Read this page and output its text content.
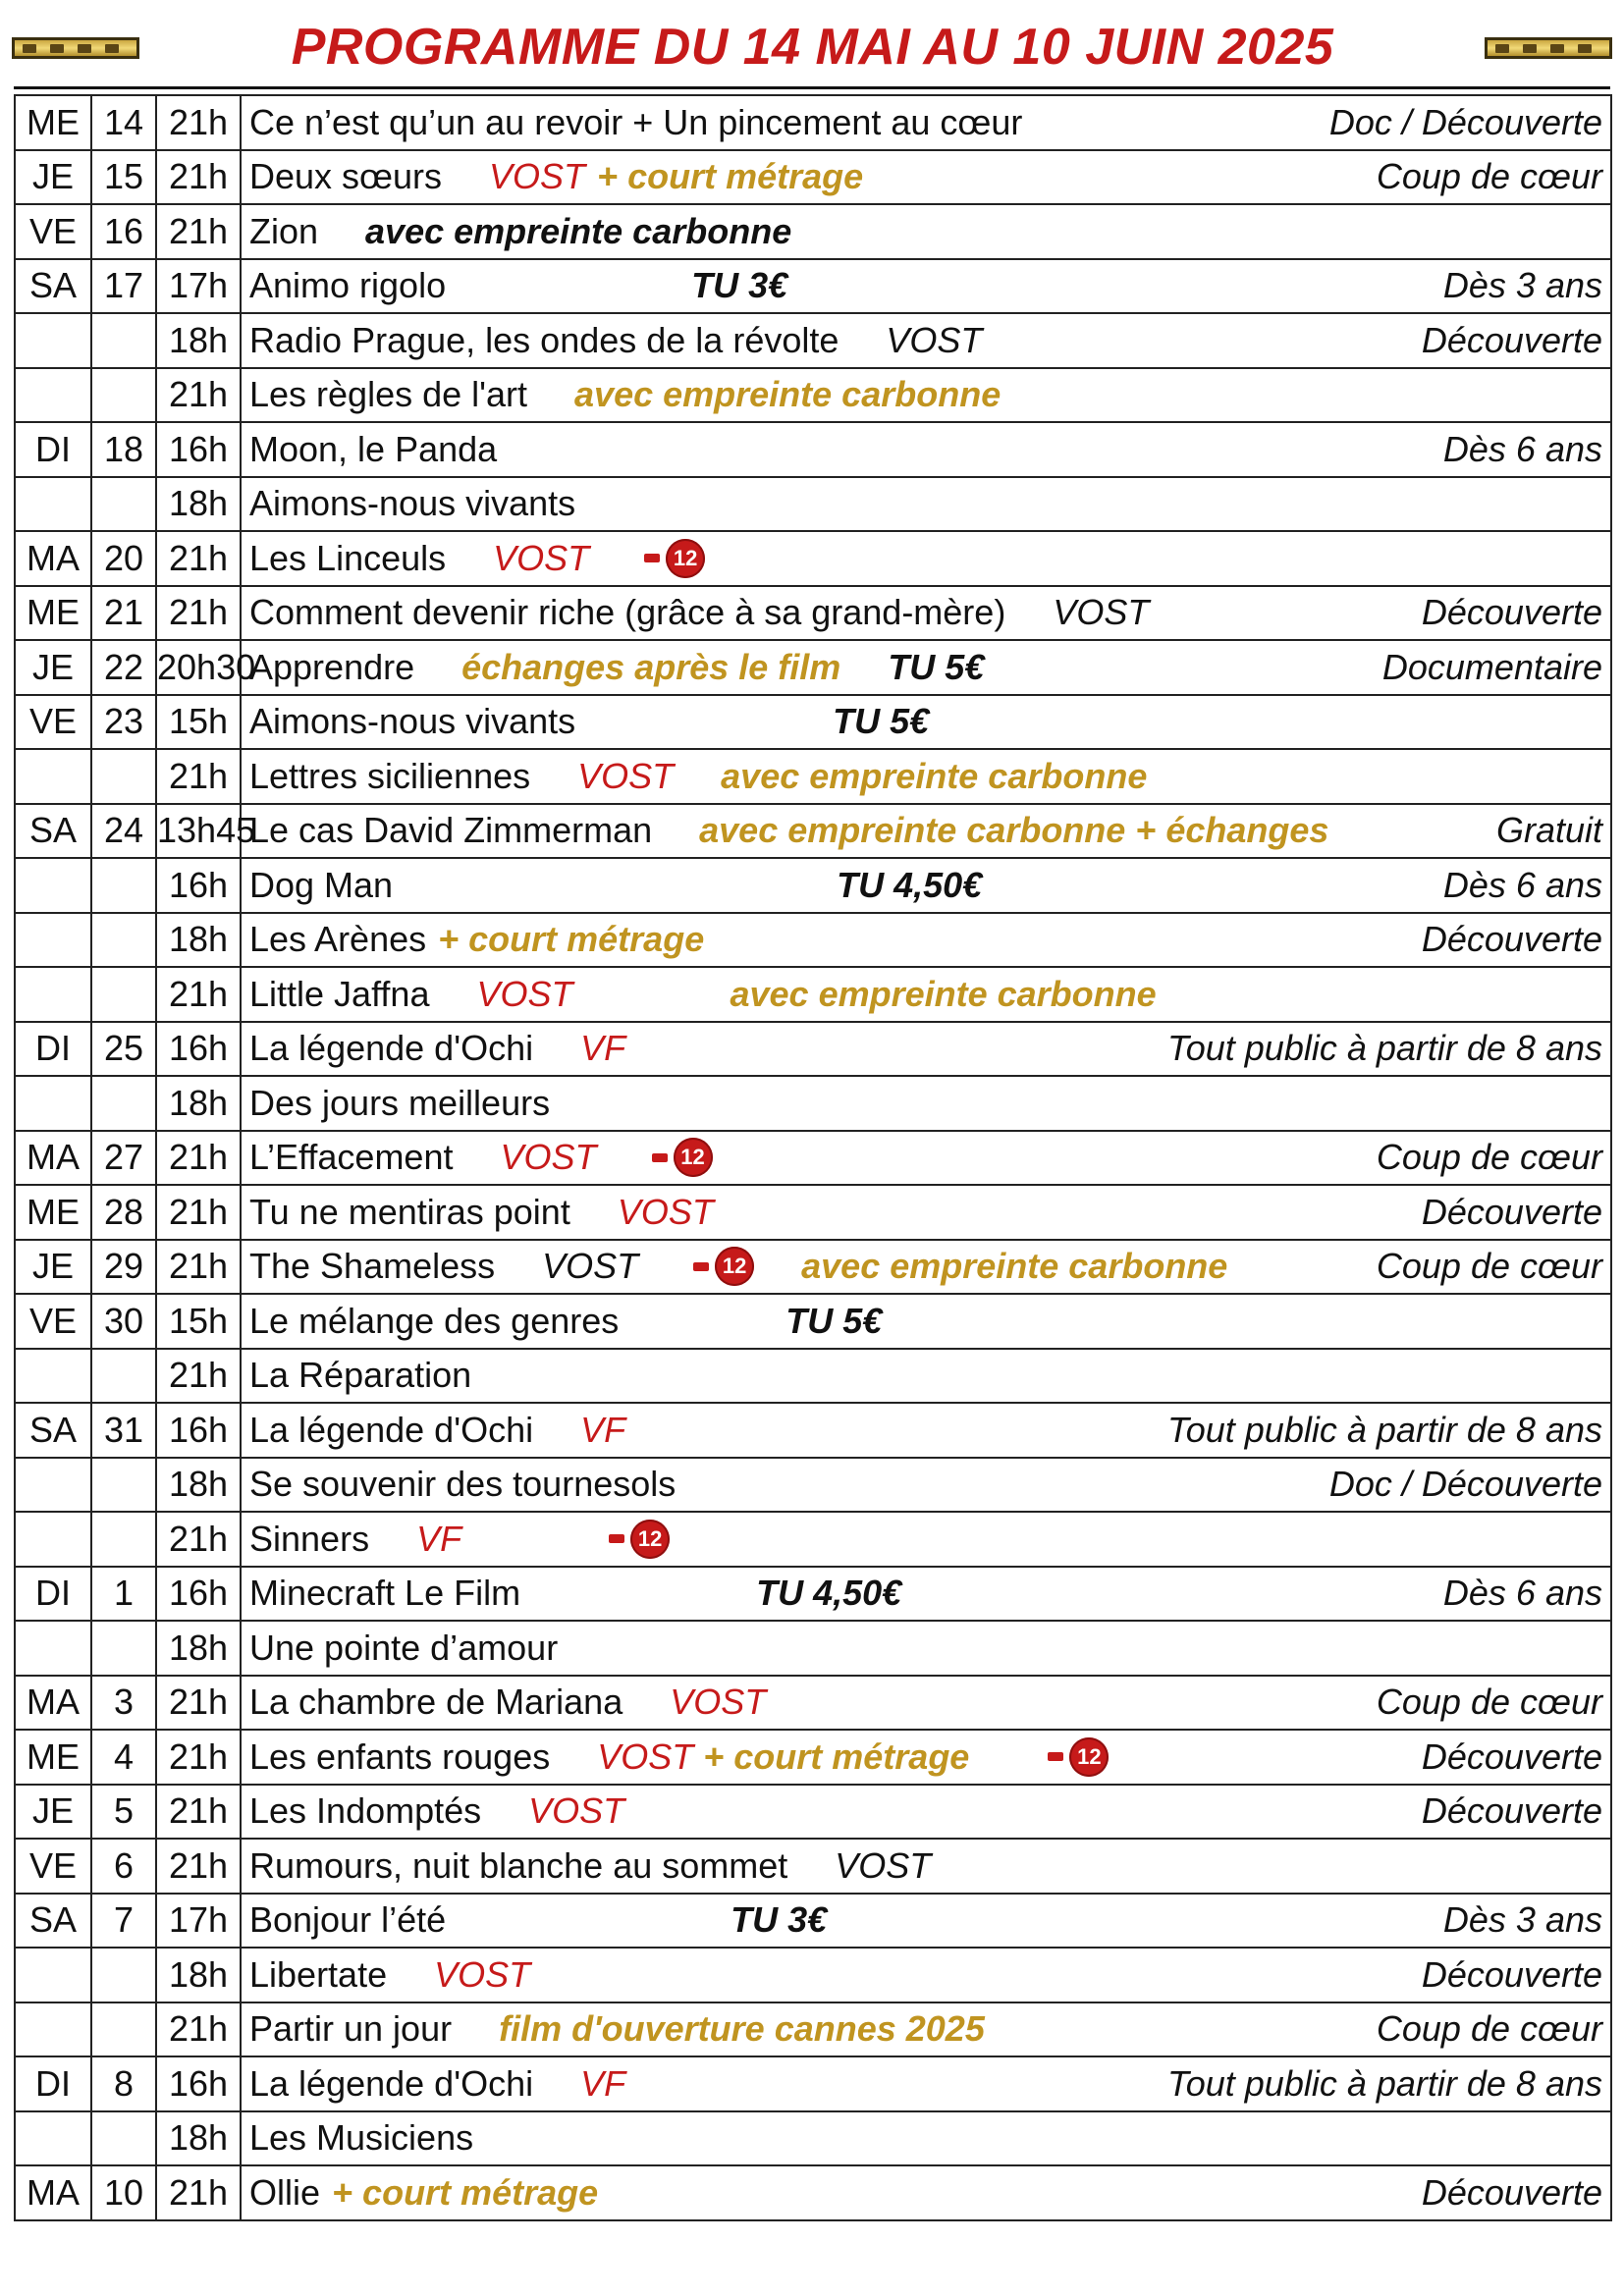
PROGRAMME DU 14 MAI AU 10 JUIN 2025
ME	14	21h	Ce n’est qu’un au revoir + Un pincement au cœur Doc / Découverte

JE	15	21h	Deux sœurs VOST + court métrage Coup de cœur

VE	16	21h	Zion avec empreinte carbonne

SA	17	17h	Animo rigolo TU 3€ Dès 3 ans

		18h	Radio Prague, les ondes de la révolte VOST Découverte

		21h	Les règles de l'art avec empreinte carbonne

DI	18	16h	Moon, le Panda Dès 6 ans

		18h	Aimons-nous vivants

MA	20	21h	Les Linceuls VOST 12

ME	21	21h	Comment devenir riche (grâce à sa grand-mère) VOST Découverte

JE	22	20h30	Apprendre échanges après le film TU 5€ Documentaire

VE	23	15h	Aimons-nous vivants TU 5€

		21h	Lettres siciliennes VOST avec empreinte carbonne

SA	24	13h45	Le cas David Zimmerman avec empreinte carbonne + échanges Gratuit

		16h	Dog Man TU 4,50€ Dès 6 ans

		18h	Les Arènes + court métrage Découverte

		21h	Little Jaffna VOST avec empreinte carbonne

DI	25	16h	La légende d'Ochi VF Tout public à partir de 8 ans

		18h	Des jours meilleurs

MA	27	21h	L’Effacement VOST 12 Coup de cœur

ME	28	21h	Tu ne mentiras point VOST Découverte

JE	29	21h	The Shameless VOST 12 avec empreinte carbonne Coup de cœur

VE	30	15h	Le mélange des genres TU 5€

		21h	La Réparation

SA	31	16h	La légende d'Ochi VF Tout public à partir de 8 ans

		18h	Se souvenir des tournesols Doc / Découverte

		21h	Sinners VF 12

DI	1	16h	Minecraft Le Film TU 4,50€ Dès 6 ans

		18h	Une pointe d’amour

MA	3	21h	La chambre de Mariana VOST Coup de cœur

ME	4	21h	Les enfants rouges VOST + court métrage 12 Découverte

JE	5	21h	Les Indomptés VOST Découverte

VE	6	21h	Rumours, nuit blanche au sommet VOST

SA	7	17h	Bonjour l’été TU 3€ Dès 3 ans

		18h	Libertate VOST Découverte

		21h	Partir un jour film d'ouverture cannes 2025 Coup de cœur

DI	8	16h	La légende d'Ochi VF Tout public à partir de 8 ans

		18h	Les Musiciens

MA	10	21h	Ollie + court métrage Découverte
